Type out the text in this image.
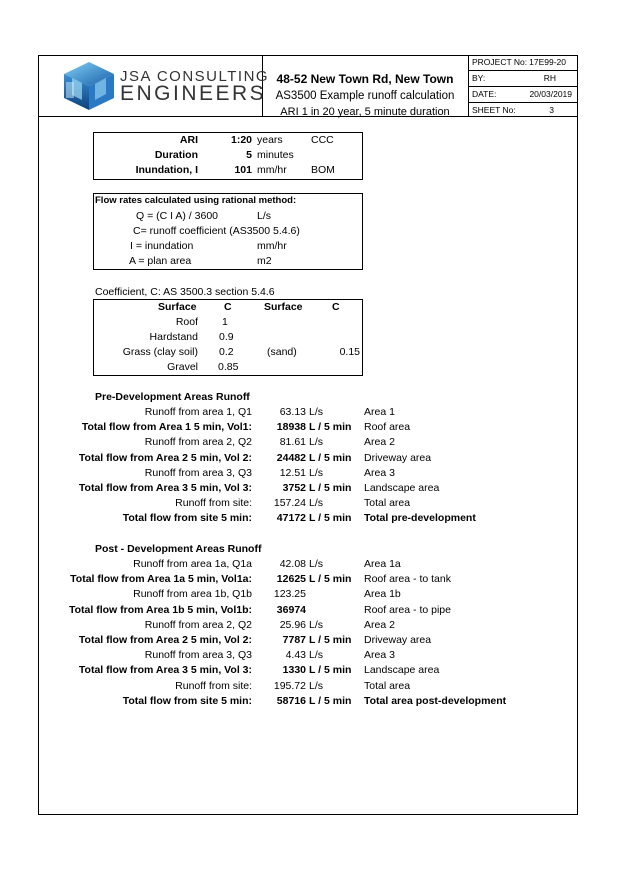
JSA CONSULTING
ENGINEERS
48-52 New Town Rd, New Town
AS3500 Example runoff calculation
ARI 1 in 20 year, 5 minute duration
PROJECT No: 17E99-20
BY:	RH
DATE:	20/03/2019
SHEET No:	3
ARI	1:20 years	CCC
Duration	5 minutes
Inundation, I	101 mm/hr BOM
Flow rates calculated using rational method:
Q = (C I A) / 3600	L/s
C= runoff coefficient (AS3500 5.4.6)
I = inundation	mm/hr
A = plan area	m2
Coefficient, C: AS 3500.3 section 5.4.6
Surface	C	Surface	C
Roof 1
Hardstand 0.9
Grass (clay soil) 0.2	(sand)	0.15
Gravel 0.85
Pre-Development Areas Runoff
Runoff from area 1, Q1	63.13 L/s	Area 1
Total flow from Area 1 5 min, Vol1:	18938 L / 5 min Roof area
Runoff from area 2, Q2	81.61 L/s	Area 2
Total flow from Area 2 5 min, Vol 2:	24482 L / 5 min Driveway area
Runoff from area 3, Q3	12.51 L/s	Area 3
Total flow from Area 3 5 min, Vol 3:	3752 L / 5 min Landscape area
Runoff from site:	157.24 L/s	Total area
Total flow from site 5 min:	47172 L / 5 min Total pre-development
Post - Development Areas Runoff
Runoff from area 1a, Q1a	42.08 L/s	Area 1a
Total flow from Area 1a 5 min, Vol1a:	12625 L / 5 min Roof area - to tank
Runoff from area 1b, Q1b	123.25	Area 1b
Total flow from Area 1b 5 min, Vol1b:	36974	Roof area - to pipe
Runoff from area 2, Q2	25.96 L/s	Area 2
Total flow from Area 2 5 min, Vol 2:	7787 L / 5 min Driveway area
Runoff from area 3, Q3	4.43 L/s	Area 3
Total flow from Area 3 5 min, Vol 3:	1330 L / 5 min Landscape area
Runoff from site:	195.72 L/s	Total area
Total flow from site 5 min:	58716 L / 5 min Total area post-development
